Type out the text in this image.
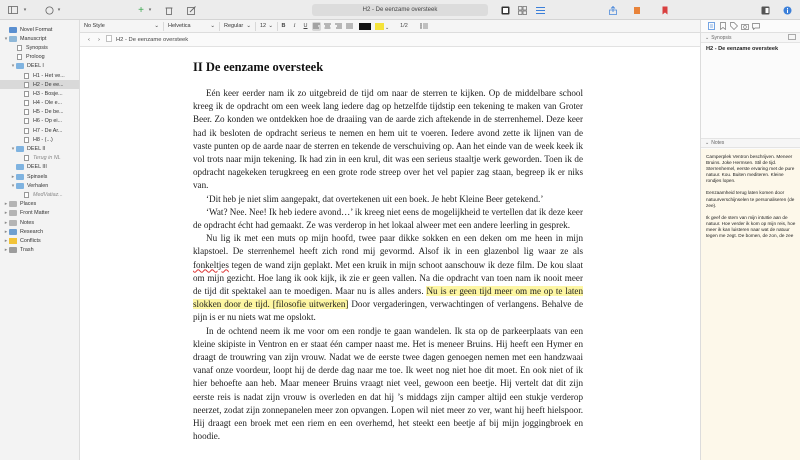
▾	▾	+ ▾	H2 - De eenzame oversteek
No Style	⌄ Helvetica	⌄ Regular ⌄ 12 ⌄	B	I	U	⌄ 1/2
Novel Format
▾	Manuscript
Synopsis
Proloog
▾	DEEL I
H1 - Het ve...
H2 - De ee...
H3 - Bosje...
H4 - Ole e...
H5 - De be...
H6 - Op ei...
H7 - De Ar...
H8 - (...)
▾	DEEL II
Terug in NL
DEEL III
▸	Spinsels
▾	Verhalen
MedVatiaz...
▸	Places
▸	Front Matter
▸	Notes
▸	Research
▸	Conflicts
▸	Trash
‹	›	H2 - De eenzame oversteek
II De eenzame oversteek

Eén keer eerder nam ik zo uitgebreid de tijd om naar de sterren te kijken. Op de middelbare school kreeg ik de opdracht om een week lang iedere dag op hetzelfde tijdstip een tekening te maken van Groter Beer. Zo konden we ontdekken hoe de draaiing van de aarde zich aftekende in de sterrenhemel. Deze keer had ik besloten de opdracht serieus te nemen en hem uit te voeren. Iedere avond zette ik lijnen van de vaste punten op de aarde naar de sterren en tekende de verschuiving op. Aan het einde van de week keek ik vol trots naar mijn tekening. Ik had zin in een krul, dit was een serieus staaltje werk geworden. Toen ik de opdracht nagekeken terugkreeg en een grote rode streep over het vel papier zag staan, begreep ik er niks van.

‘Dit heb je niet slim aangepakt, dat overtekenen uit een boek. Je hebt Kleine Beer getekend.’

‘Wat? Nee. Nee! Ik heb iedere avond…’ ik kreeg niet eens de mogelijkheid te vertellen dat ik deze keer de opdracht écht had gemaakt. Ze was verderop in het lokaal alweer met een andere leerling in gesprek.

Nu lig ik met een muts op mijn hoofd, twee paar dikke sokken en een deken om me heen in mijn klapstoel. De sterrenhemel heeft zich rond mij gevormd. Alsof ik in een glazenbol lig waar ze als fonkeltjes tegen de wand zijn geplakt. Met een kruik in mijn schoot aanschouw ik deze film. De kou slaat om mijn gezicht. Hoe lang ik ook kijk, ik zie er geen vallen. Na die opdracht van toen nam ik nooit meer de tijd dit spektakel aan te moedigen. Maar nu is alles anders. Nu is er geen tijd meer om me op te laten slokken door de tijd. [filosofie uitwerken] Door vergaderingen, verwachtingen of verlangens. Behalve de pijn is er nu niets wat me opslokt.

In de ochtend neem ik me voor om een rondje te gaan wandelen. Ik sta op de parkeerplaats van een kleine skipiste in Ventron en er staat één camper naast me. Het is meneer Bruins. Hij heeft een Hymer en draagt de trouwring van zijn vrouw. Nadat we de eerste twee dagen genoegen nemen met een handzwaai vanaf onze voordeur, loopt hij de derde dag naar me toe. Ik weet nog niet hoe dit moet. En ook niet of ik hier behoefte aan heb. Maar meneer Bruins vraagt niet veel, gewoon een beetje. Hij vertelt dat dit zijn eerste reis is nadat zijn vrouw is overleden en dat hij ’s middags zijn camper altijd een stukje verderop neerzet, zodat zijn zonnepanelen meer zon opvangen. Lopen wil niet meer zo ver, want hij heeft hielspoor. Hij draagt een broek met een riem en een overhemd, het steekt een beetje af bij mijn joggingbroek en hoodie.

⌄ Synopsis
H2 - De eenzame oversteek
⌄ Notes

Camperplek Ventron beschrijven. Meneer Bruins. Joke Hermsen. Stil de tijd. Sterrenhemel, eerste ervaring met de pure natuur. Kou. Buiten mediteren. Kleine rondjes lopen.

Eenzaamheid terug laten komen door natuurverschijnselen te personaliseren (de zee).

Ik geef de stem van mijn intuïtie aan de natuur. Hoe verder ik kom op mijn reis, hoe meer ik kan luisteren naar wat de natuur tegen me zegt. De bomen, de zon, de zee
